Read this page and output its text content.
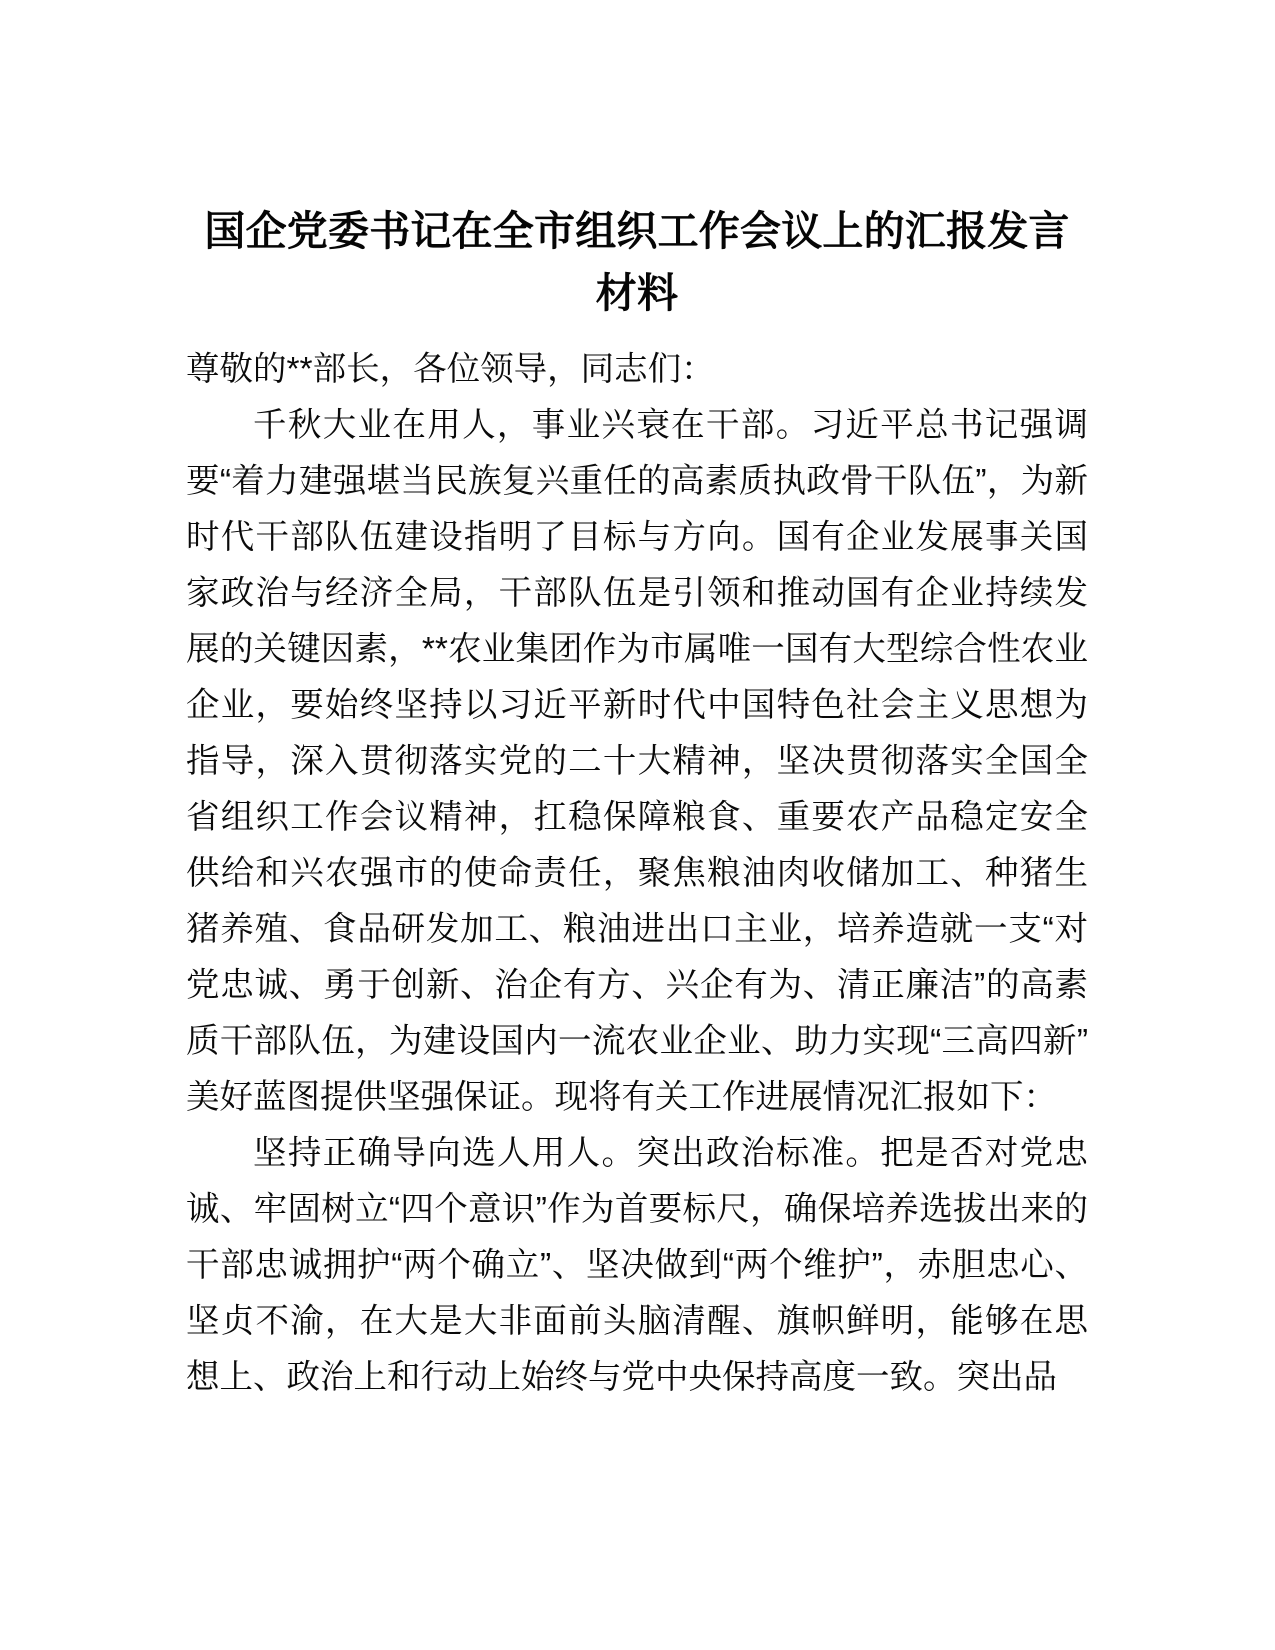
国企党委书记在全市组织工作会议上的汇报发言材料

尊敬的**部长，各位领导，同志们：

千秋大业在用人，事业兴衰在干部。习近平总书记强调要“着力建强堪当民族复兴重任的高素质执政骨干队伍”，为新时代干部队伍建设指明了目标与方向。国有企业发展事关国家政治与经济全局，干部队伍是引领和推动国有企业持续发展的关键因素，**农业集团作为市属唯一国有大型综合性农业企业，要始终坚持以习近平新时代中国特色社会主义思想为指导，深入贯彻落实党的二十大精神，坚决贯彻落实全国全省组织工作会议精神，扛稳保障粮食、重要农产品稳定安全供给和兴农强市的使命责任，聚焦粮油肉收储加工、种猪生猪养殖、食品研发加工、粮油进出口主业，培养造就一支“对党忠诚、勇于创新、治企有方、兴企有为、清正廉洁”的高素质干部队伍，为建设国内一流农业企业、助力实现“三高四新”美好蓝图提供坚强保证。现将有关工作进展情况汇报如下：

坚持正确导向选人用人。突出政治标准。把是否对党忠诚、牢固树立“四个意识”作为首要标尺，确保培养选拔出来的干部忠诚拥护“两个确立”、坚决做到“两个维护”，赤胆忠心、坚贞不渝，在大是大非面前头脑清醒、旗帜鲜明，能够在思想上、政治上和行动上始终与党中央保持高度一致。突出品
